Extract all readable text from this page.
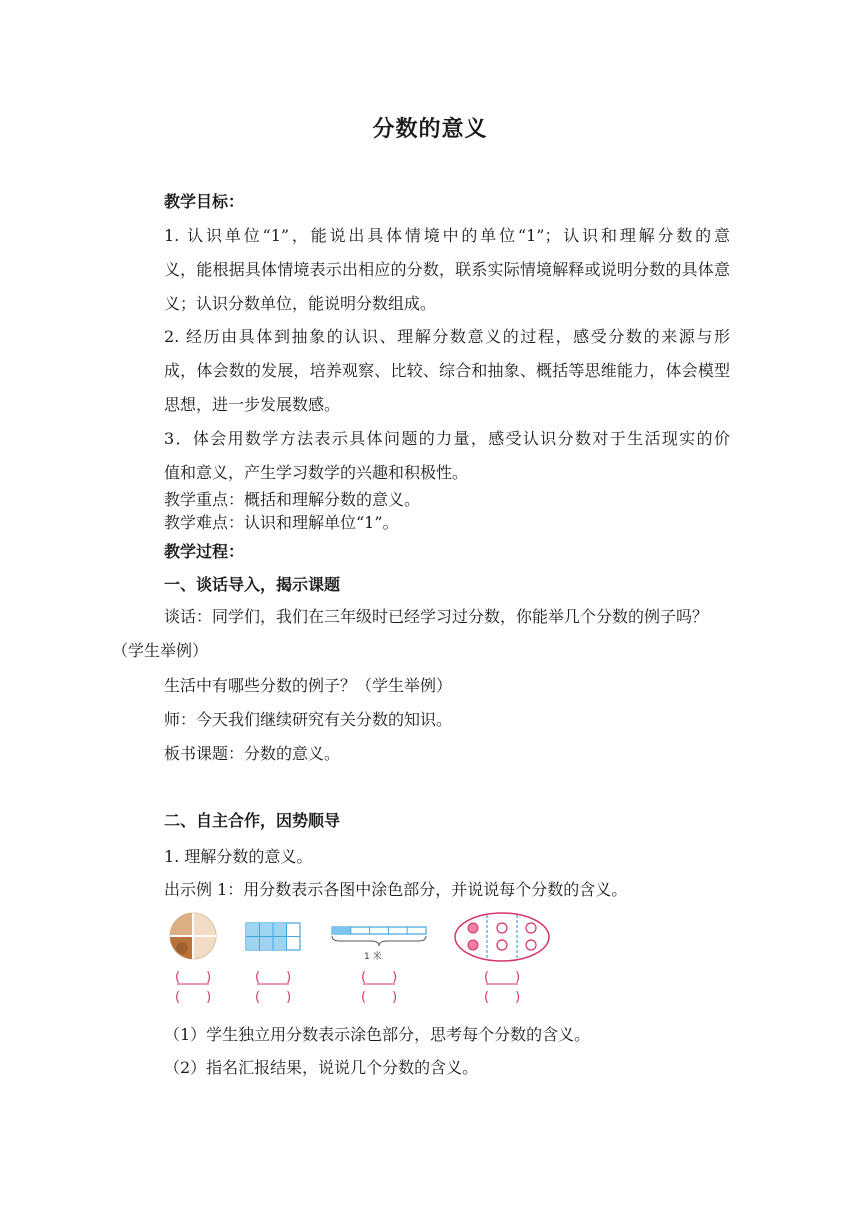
分数的意义
教学目标：
1. 认识单位“1”，能说出具体情境中的单位“1”；认识和理解分数的意
义，能根据具体情境表示出相应的分数，联系实际情境解释或说明分数的具体意
义；认识分数单位，能说明分数组成。
2. 经历由具体到抽象的认识、理解分数意义的过程，感受分数的来源与形
成，体会数的发展，培养观察、比较、综合和抽象、概括等思维能力，体会模型
思想，进一步发展数感。
3．体会用数学方法表示具体问题的力量，感受认识分数对于生活现实的价
值和意义，产生学习数学的兴趣和积极性。
教学重点：概括和理解分数的意义。
教学难点：认识和理解单位“1”。
教学过程：
一、谈话导入，揭示课题
谈话：同学们，我们在三年级时已经学习过分数，你能举几个分数的例子吗？
（学生举例）
生活中有哪些分数的例子？（学生举例）
师：今天我们继续研究有关分数的知识。
板书课题：分数的意义。
二、自主合作，因势顺导
1. 理解分数的意义。
出示例 1：用分数表示各图中涂色部分，并说说每个分数的含义。
1 米
(　　)
(　　)
(　　)
(　　)
(　　)
(　　)
(　　)
(　　)
（1）学生独立用分数表示涂色部分，思考每个分数的含义。
（2）指名汇报结果，说说几个分数的含义。
